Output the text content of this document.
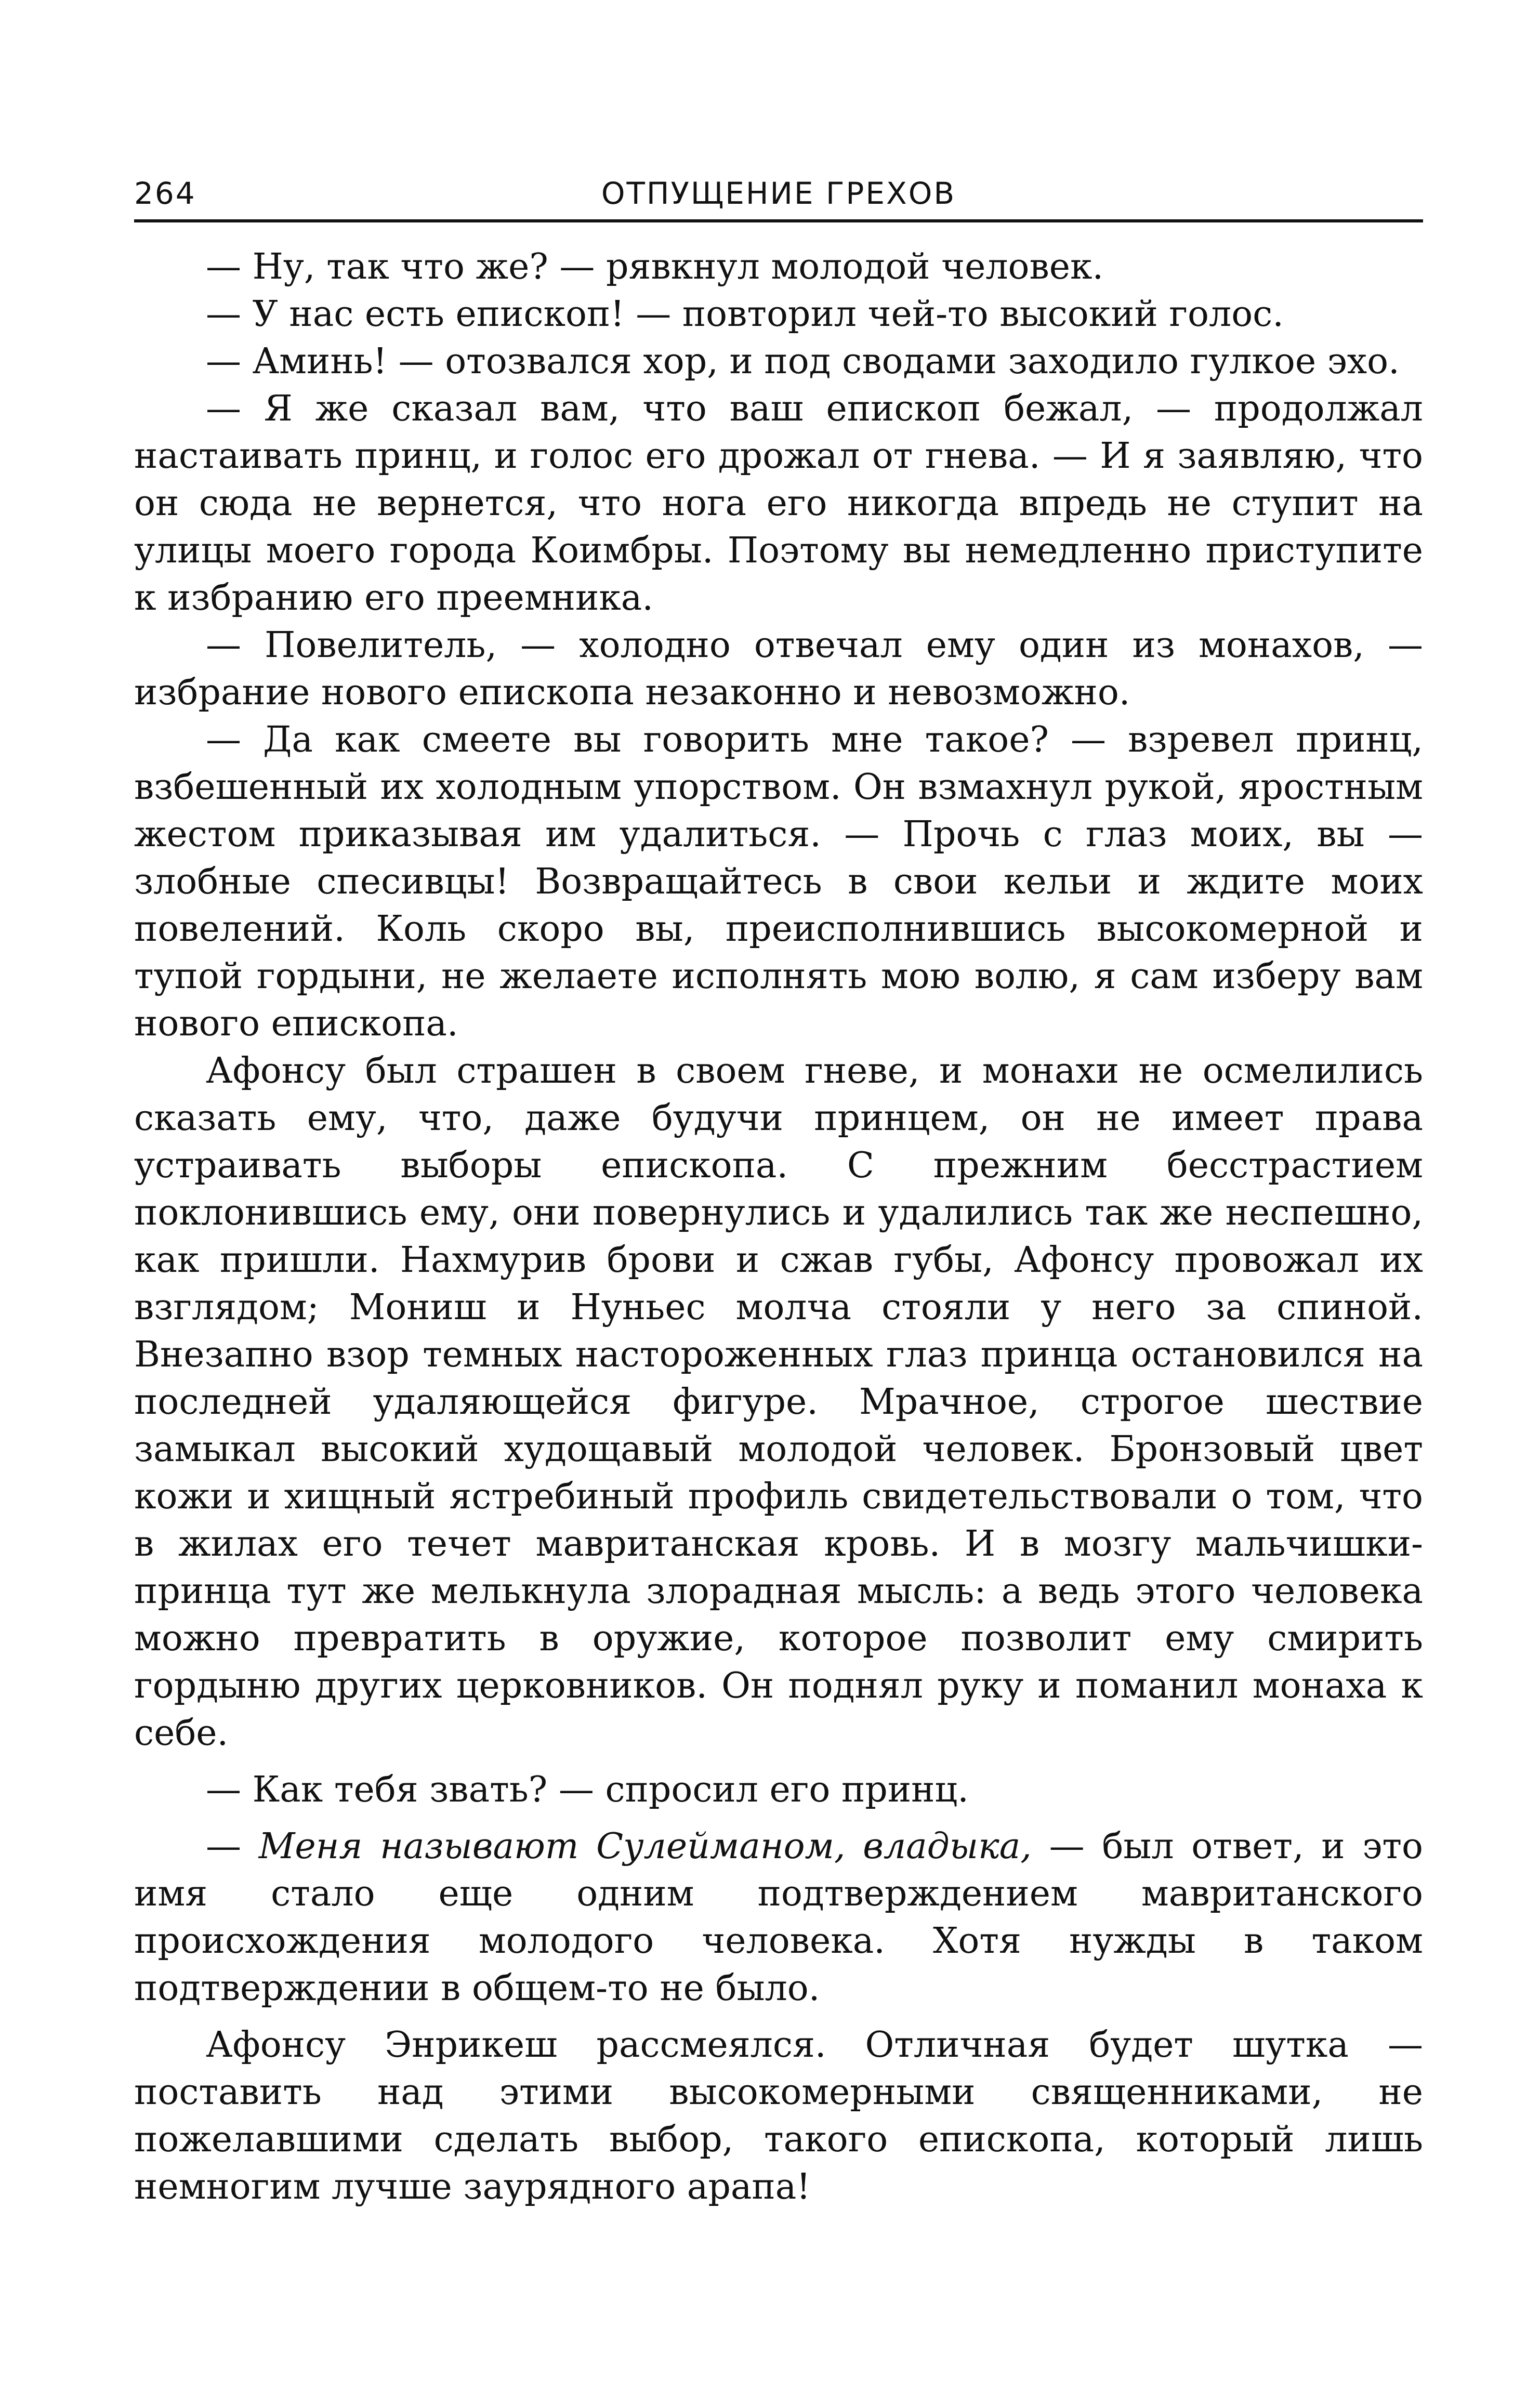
264	ОТПУЩЕНИЕ ГРЕХОВ

— Ну, так что же? — рявкнул молодой человек.

— У нас есть епископ! — повторил чей-то высокий голос.

— Аминь! — отозвался хор, и под сводами заходило гулкое эхо.

— Я же сказал вам, что ваш епископ бежал, — продолжал настаивать принц, и голос его дрожал от гнева. — И я заявляю, что он сюда не вернется, что нога его никогда впредь не ступит на улицы моего города Коимбры. Поэтому вы немедленно приступите к избранию его преемника.

— Повелитель, — холодно отвечал ему один из монахов, — избрание нового епископа незаконно и невозможно.

— Да как смеете вы говорить мне такое? — взревел принц, взбешенный их холодным упорством. Он взмахнул рукой, яростным жестом приказывая им удалиться. — Прочь с глаз моих, вы — злобные спесивцы! Возвращайтесь в свои кельи и ждите моих повелений. Коль скоро вы, преисполнившись высокомерной и тупой гордыни, не желаете исполнять мою волю, я сам изберу вам нового епископа.

Афонсу был страшен в своем гневе, и монахи не осмелились сказать ему, что, даже будучи принцем, он не имеет права устраивать выборы епископа. С прежним бесстрастием поклонившись ему, они повернулись и удалились так же неспешно, как пришли. Нахмурив брови и сжав губы, Афонсу провожал их взглядом; Мониш и Нуньес молча стояли у него за спиной. Внезапно взор темных настороженных глаз принца остановился на последней удаляющейся фигуре. Мрачное, строгое шествие замыкал высокий худощавый молодой человек. Бронзовый цвет кожи и хищный ястребиный профиль свидетельствовали о том, что в жилах его течет мавританская кровь. И в мозгу мальчишки-принца тут же мелькнула злорадная мысль: а ведь этого человека можно превратить в оружие, которое позволит ему смирить гордыню других церковников. Он поднял руку и поманил монаха к себе.

— Как тебя звать? — спросил его принц.

— Меня называют Сулейманом, владыка, — был ответ, и это имя стало еще одним подтверждением мавританского происхождения молодого человека. Хотя нужды в таком подтверждении в общем-то не было.

Афонсу Энрикеш рассмеялся. Отличная будет шутка — поставить над этими высокомерными священниками, не пожелавшими сделать выбор, такого епископа, который лишь немногим лучше заурядного арапа!
